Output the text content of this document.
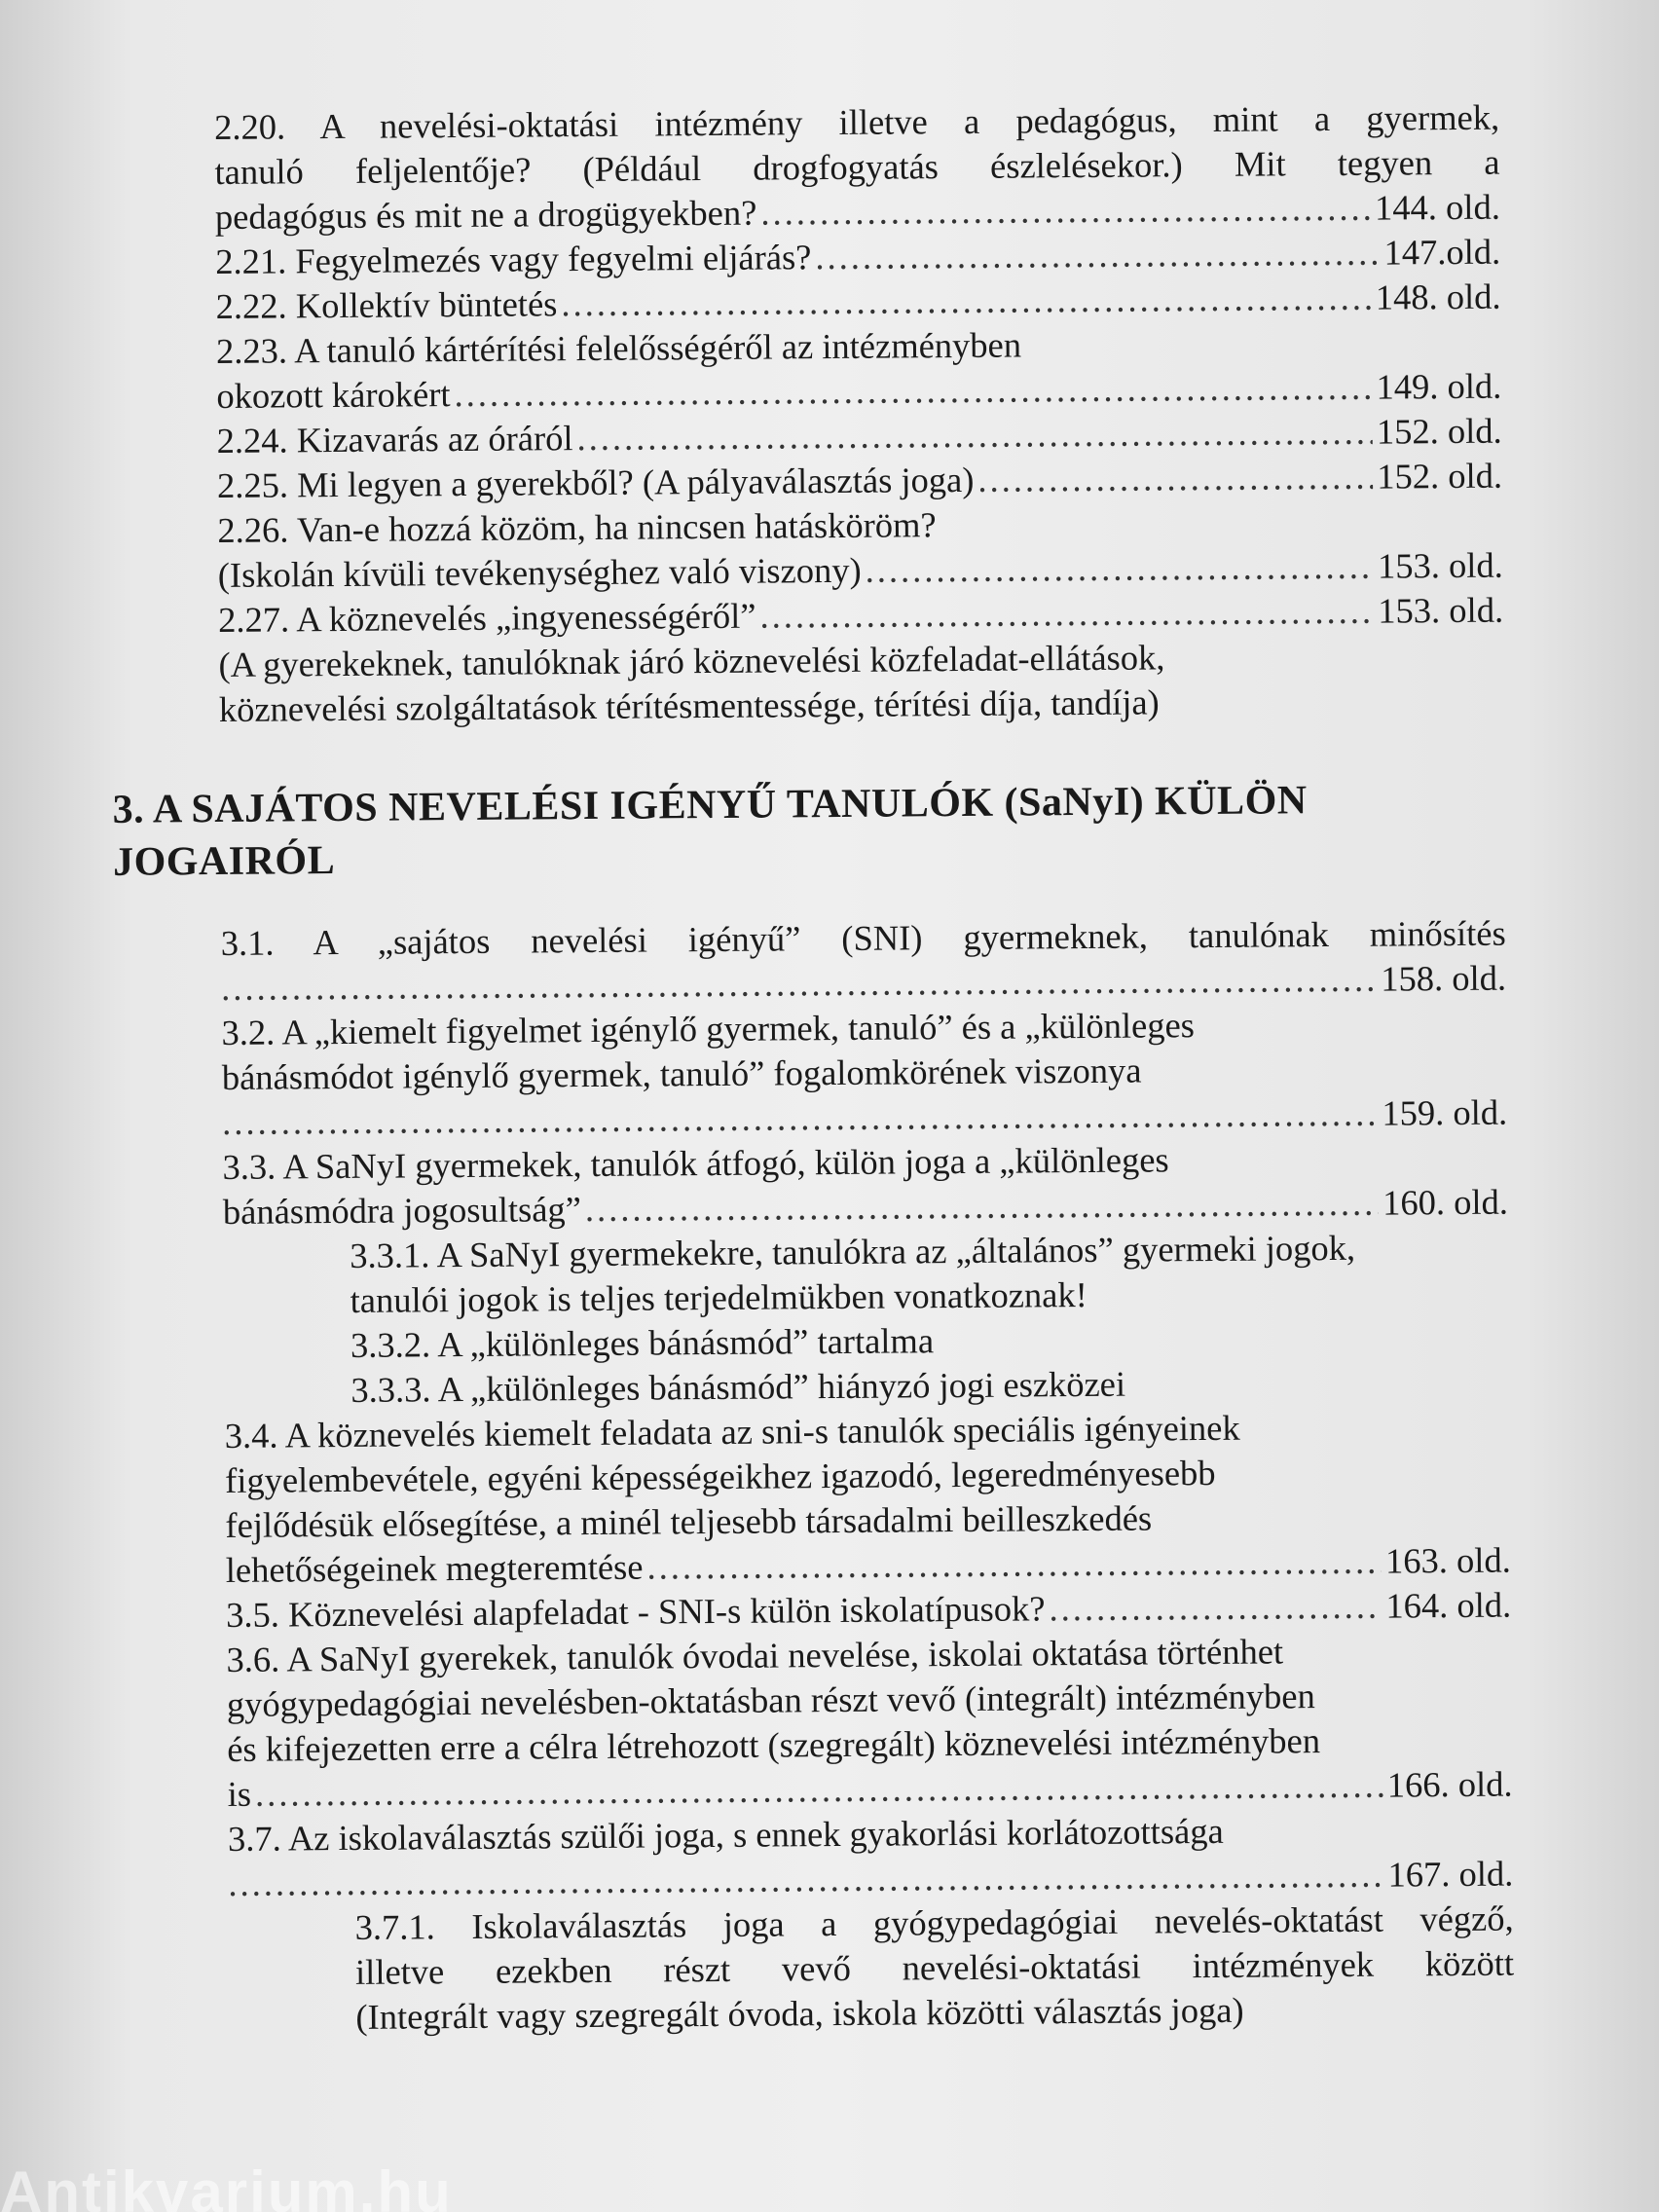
2.20. A nevelési-oktatási intézmény illetve a pedagógus, mint a gyermek,
tanuló feljelentője? (Például drogfogyatás észlelésekor.) Mit tegyen a
pedagógus és mit ne a drogügyekben? .....	144. old.
2.21. Fegyelmezés vagy fegyelmi eljárás? .....	147.old.
2.22. Kollektív büntetés .....	148. old.
2.23. A tanuló kártérítési felelősségéről az intézményben
okozott károkért .....	149. old.
2.24. Kizavarás az óráról .....	152. old.
2.25. Mi legyen a gyerekből? (A pályaválasztás joga) .....	152. old.
2.26. Van-e hozzá közöm, ha nincsen hatásköröm?
(Iskolán kívüli tevékenységhez való viszony) .....	153. old.
2.27. A köznevelés „ingyenességéről” .....	153. old.
(A gyerekeknek, tanulóknak járó köznevelési közfeladat-ellátások,
köznevelési szolgáltatások térítésmentessége, térítési díja, tandíja)
3. A SAJÁTOS NEVELÉSI IGÉNYŰ TANULÓK (SaNyI) KÜLÖN
JOGAIRÓL
3.1. A „sajátos nevelési igényű” (SNI) gyermeknek, tanulónak minősítés
.....
158. old.
3.2. A „kiemelt figyelmet igénylő gyermek, tanuló” és a „különleges
bánásmódot igénylő gyermek, tanuló” fogalomkörének viszonya
.....
159. old.
3.3. A SaNyI gyermekek, tanulók átfogó, külön joga a „különleges
bánásmódra jogosultság” .....	160. old.
3.3.1. A SaNyI gyermekekre, tanulókra az „általános” gyermeki jogok,
tanulói jogok is teljes terjedelmükben vonatkoznak!
3.3.2. A „különleges bánásmód” tartalma
3.3.3. A „különleges bánásmód” hiányzó jogi eszközei
3.4. A köznevelés kiemelt feladata az sni-s tanulók speciális igényeinek
figyelembevétele, egyéni képességeikhez igazodó, legeredményesebb
fejlődésük elősegítése, a minél teljesebb társadalmi beilleszkedés
lehetőségeinek megteremtése .....	163. old.
3.5. Köznevelési alapfeladat - SNI-s külön iskolatípusok? .....	164. old.
3.6. A SaNyI gyerekek, tanulók óvodai nevelése, iskolai oktatása történhet
gyógypedagógiai nevelésben-oktatásban részt vevő (integrált) intézményben
és kifejezetten erre a célra létrehozott (szegregált) köznevelési intézményben
is .....	166. old.
3.7. Az iskolaválasztás szülői joga, s ennek gyakorlási korlátozottsága
.....
167. old.
3.7.1. Iskolaválasztás joga a gyógypedagógiai nevelés-oktatást végző,
illetve ezekben részt vevő nevelési-oktatási intézmények között
(Integrált vagy szegregált óvoda, iskola közötti választás joga)
Antikvarium.hu
